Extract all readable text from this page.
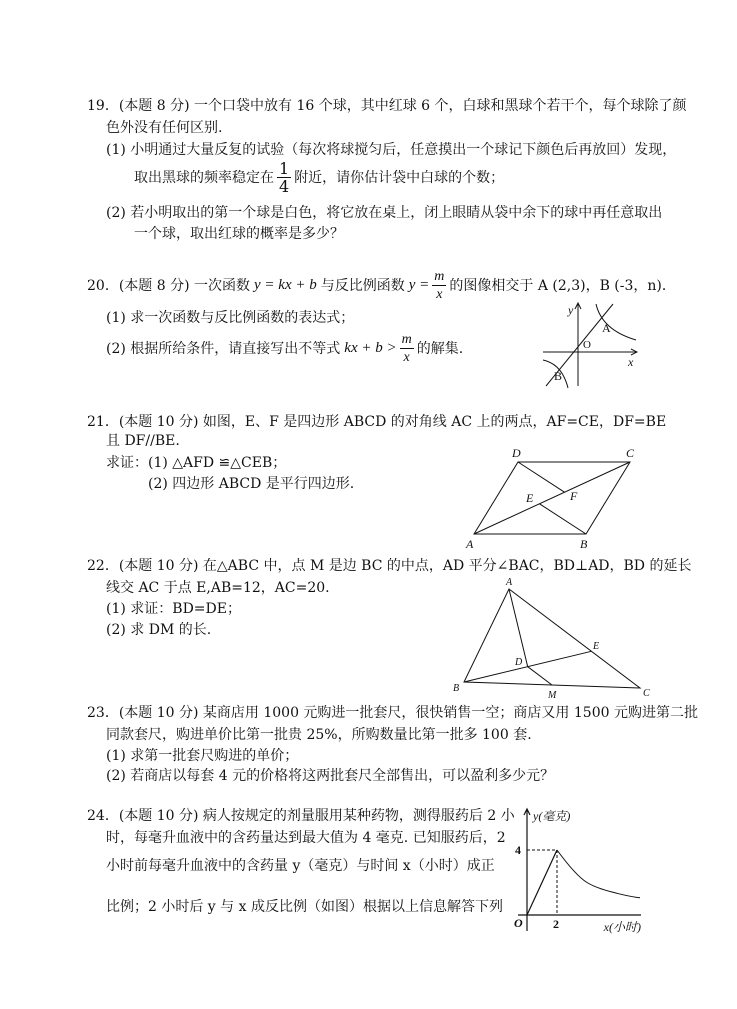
19．(本题 8 分) 一个口袋中放有 16 个球，其中红球 6 个，白球和黑球个若干个，每个球除了颜
色外没有任何区别.
(1) 小明通过大量反复的试验（每次将球搅匀后，任意摸出一个球记下颜色后再放回）发现，
取出黑球的频率稳定在 $\frac{1}{4}$ 附近，请你估计袋中白球的个数；
(2) 若小明取出的第一个球是白色，将它放在桌上，闭上眼睛从袋中余下的球中再任意取出
一个球，取出红球的概率是多少？
20．(本题 8 分) 一次函数 y = kx + b 与反比例函数 $y = \frac{m}{x}$ 的图像相交于 A (2,3)，B (-3，n)．
(1) 求一次函数与反比例函数的表达式；
(2) 根据所给条件，请直接写出不等式 kx + $b > \frac{m}{x}$ 的解集.
y
x
O
A
B
21．(本题 10 分) 如图，E、F 是四边形 ABCD 的对角线 AC 上的两点，AF=CE，DF=BE
且 DF//BE.
求证：(1) △AFD ≌△CEB；
(2) 四边形 ABCD 是平行四边形.
D	C
A	B
E	F
22．(本题 10 分) 在△ABC 中，点 M 是边 BC 的中点，AD 平分∠BAC，BD⊥AD，BD 的延长
线交 AC 于点 E,AB=12，AC=20.
(1) 求证：BD=DE；
(2) 求 DM 的长.
A
B	C
D
E
M
23．(本题 10 分) 某商店用 1000 元购进一批套尺，很快销售一空；商店又用 1500 元购进第二批
同款套尺，购进单价比第一批贵 25%，所购数量比第一批多 100 套.
(1) 求第一批套尺购进的单价；
(2) 若商店以每套 4 元的价格将这两批套尺全部售出，可以盈利多少元？
24．(本题 10 分) 病人按规定的剂量服用某种药物，测得服药后 2 小
时，每毫升血液中的含药量达到最大值为 4 毫克. 已知服药后，2
小时前每毫升血液中的含药量 y（毫克）与时间 x（小时）成正
比例；2 小时后 y 与 x 成反比例（如图）根据以上信息解答下列
y(毫克)
x(小时)
O
4
2
